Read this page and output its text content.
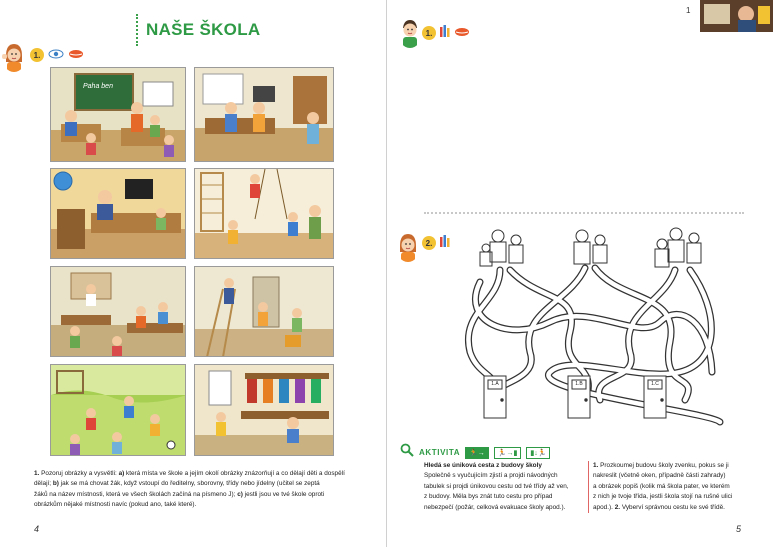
NAŠE ŠKOLA
1.
Paha ben
1. Pozoruj obrázky a vysvětli: a) která místa ve škole a jejím okolí obrázky znázorňují a co dělají děti a dospělí
dělají; b) jak se má chovat žák, když vstoupí do ředitelny, sborovny, třídy nebo jídelny (učitel se zeptá
žáků na název místnosti, která ve všech školách začíná na písmeno J); c) jestli jsou ve tvé škole oproti
obrázkům nějaké místnosti navíc (pokud ano, také které).
4
1
1.
2.
1.A	1.B	1.C
AKTIVITA	🏃→	🏃→▮	▮↓🏃
Hledá se úniková cesta z budovy školy
Společně s vyučujícím zjistí a projdi návodných
tabulek si projdi únikovou cestu od tvé třídy až ven,
z budovy. Měla bys znát tuto cestu pro případ
nebezpečí (požár, celková evakuace školy apod.).
1. Prozkoumej budovu školy zvenku, pokus se ji
nakreslit (včetně oken, případně části zahrady)
a obrázek popiš (kolik má škola pater, ve kterém
z nich je tvoje třída, jestli škola stojí na rušné ulici
apod.). 2. Vyberví správnou cestu ke své třídě.
5
